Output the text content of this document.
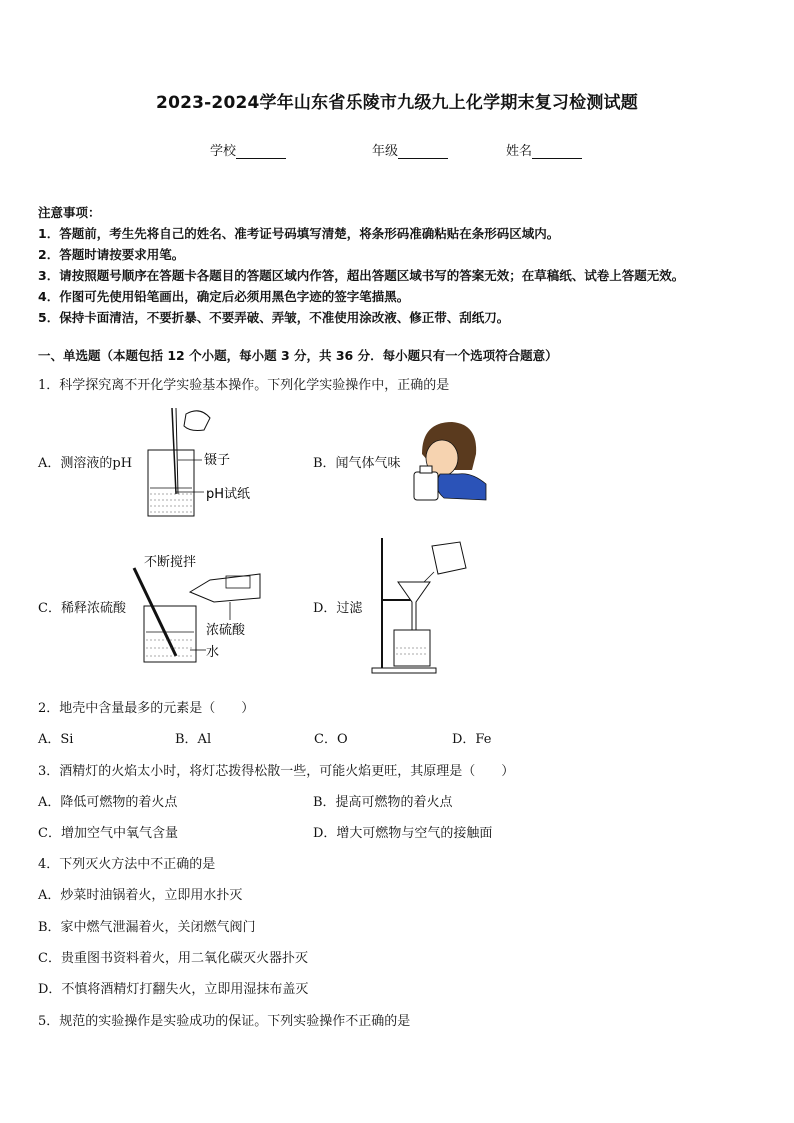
2023-2024学年山东省乐陵市九级九上化学期末复习检测试题
学校	年级	姓名
注意事项：
1．答题前，考生先将自己的姓名、准考证号码填写清楚，将条形码准确粘贴在条形码区域内。
2．答题时请按要求用笔。
3．请按照题号顺序在答题卡各题目的答题区域内作答，超出答题区域书写的答案无效；在草稿纸、试卷上答题无效。
4．作图可先使用铅笔画出，确定后必须用黑色字迹的签字笔描黑。
5．保持卡面清洁，不要折暴、不要弄破、弄皱，不准使用涂改液、修正带、刮纸刀。
一、单选题（本题包括 12 个小题，每小题 3 分，共 36 分．每小题只有一个选项符合题意）
1．科学探究离不开化学实验基本操作。下列化学实验操作中，正确的是
A．测溶液的pH	镊子
pH试纸
B．闻气体气味
C．稀释浓硫酸
不断搅拌
浓硫酸
水
D．过滤
2．地壳中含量最多的元素是（　　）
A．Si	B．Al	C．O	D．Fe
3．酒精灯的火焰太小时，将灯芯拨得松散一些，可能火焰更旺，其原理是（　　）
A．降低可燃物的着火点	B．提高可燃物的着火点
C．增加空气中氧气含量	D．增大可燃物与空气的接触面
4．下列灭火方法中不正确的是
A．炒菜时油锅着火，立即用水扑灭
B．家中燃气泄漏着火，关闭燃气阀门
C．贵重图书资料着火，用二氧化碳灭火器扑灭
D．不慎将酒精灯打翻失火，立即用湿抹布盖灭
5．规范的实验操作是实验成功的保证。下列实验操作不正确的是
